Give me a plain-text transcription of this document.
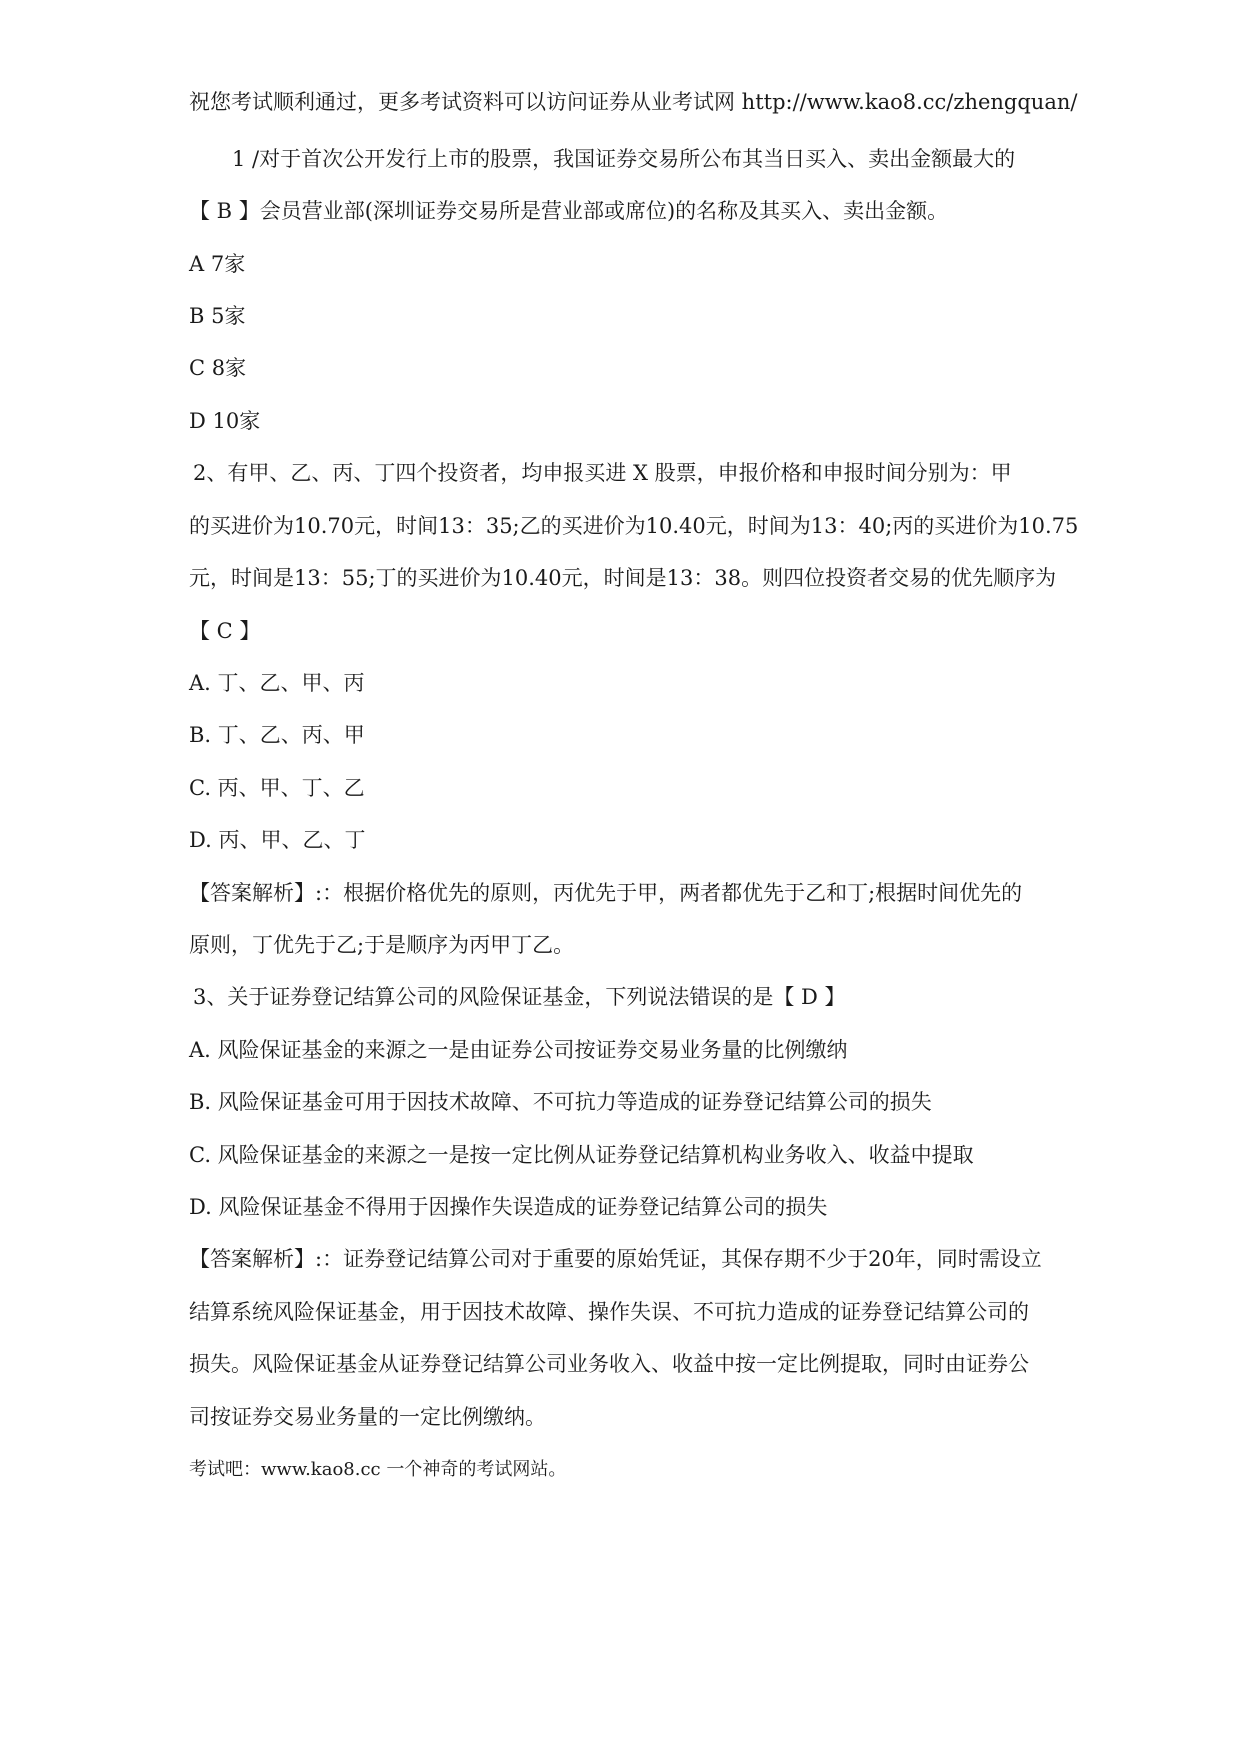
祝您考试顺利通过，更多考试资料可以访问证券从业考试网 http://www.kao8.cc/zhengquan/
1 /对于首次公开发行上市的股票，我国证券交易所公布其当日买入、卖出金额最大的
【 B 】会员营业部(深圳证券交易所是营业部或席位)的名称及其买入、卖出金额。
A 7家
B 5家
C 8家
D 10家
2、有甲、乙、丙、丁四个投资者，均申报买进 X 股票，申报价格和申报时间分别为：甲
的买进价为10.70元，时间13：35;乙的买进价为10.40元，时间为13：40;丙的买进价为10.75
元，时间是13：55;丁的买进价为10.40元，时间是13：38。则四位投资者交易的优先顺序为
【 C 】
A. 丁、乙、甲、丙
B. 丁、乙、丙、甲
C. 丙、甲、丁、乙
D. 丙、甲、乙、丁
【答案解析】:：根据价格优先的原则，丙优先于甲，两者都优先于乙和丁;根据时间优先的
原则，丁优先于乙;于是顺序为丙甲丁乙。
3、关于证券登记结算公司的风险保证基金，下列说法错误的是【 D 】
A. 风险保证基金的来源之一是由证券公司按证券交易业务量的比例缴纳
B. 风险保证基金可用于因技术故障、不可抗力等造成的证券登记结算公司的损失
C. 风险保证基金的来源之一是按一定比例从证券登记结算机构业务收入、收益中提取
D. 风险保证基金不得用于因操作失误造成的证券登记结算公司的损失
【答案解析】:：证券登记结算公司对于重要的原始凭证，其保存期不少于20年，同时需设立
结算系统风险保证基金，用于因技术故障、操作失误、不可抗力造成的证券登记结算公司的
损失。风险保证基金从证券登记结算公司业务收入、收益中按一定比例提取，同时由证券公
司按证券交易业务量的一定比例缴纳。
考试吧：www.kao8.cc 一个神奇的考试网站。
